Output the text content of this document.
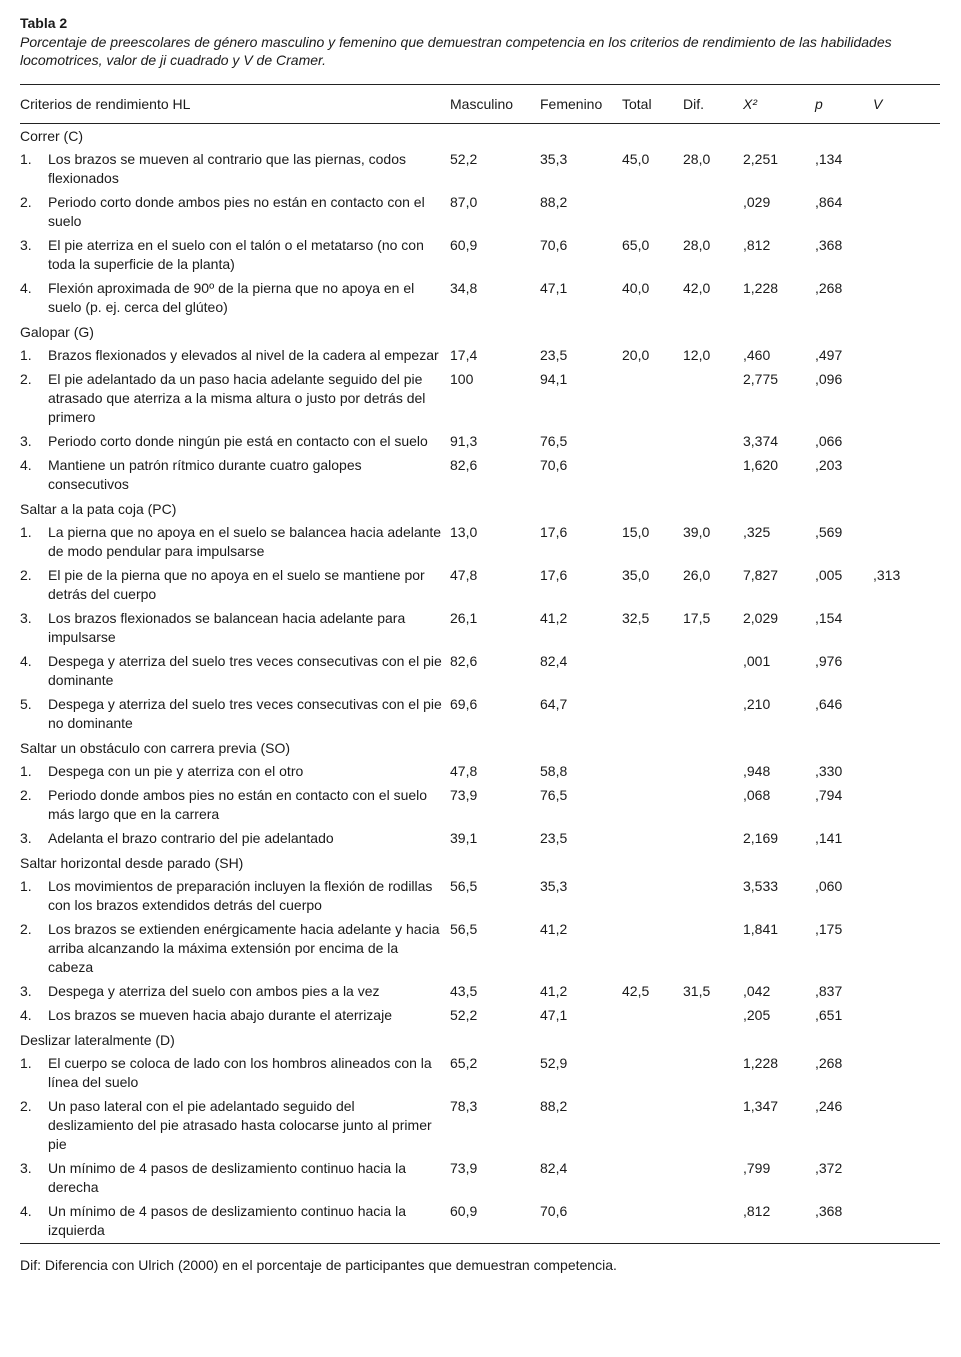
Tabla 2
Porcentaje de preescolares de género masculino y femenino que demuestran competencia en los criterios de rendimiento de las habilidades locomotrices, valor de ji cuadrado y V de Cramer.
Criterios de rendimiento HL	Masculino	Femenino	Total	Dif.	X²	p	V
Correr (C)							

1. Los brazos se mueven al contrario que las piernas, codos flexionados	52,2	35,3	45,0	28,0	2,251	,134	

2. Periodo corto donde ambos pies no están en contacto con el suelo	87,0	88,2			,029	,864	

3. El pie aterriza en el suelo con el talón o el metatarso (no con toda la superficie de la planta)	60,9	70,6	65,0	28,0	,812	,368	

4. Flexión aproximada de 90º de la pierna que no apoya en el suelo (p. ej. cerca del glúteo)	34,8	47,1	40,0	42,0	1,228	,268	
Galopar (G)							

1. Brazos flexionados y elevados al nivel de la cadera al empezar	17,4	23,5	20,0	12,0	,460	,497	

2. El pie adelantado da un paso hacia adelante seguido del pie atrasado que aterriza a la misma altura o justo por detrás del primero	100	94,1			2,775	,096	

3. Periodo corto donde ningún pie está en contacto con el suelo	91,3	76,5			3,374	,066	

4. Mantiene un patrón rítmico durante cuatro galopes consecutivos	82,6	70,6			1,620	,203	
Saltar a la pata coja (PC)							

1. La pierna que no apoya en el suelo se balancea hacia adelante de modo pendular para impulsarse	13,0	17,6	15,0	39,0	,325	,569	

2. El pie de la pierna que no apoya en el suelo se mantiene por detrás del cuerpo	47,8	17,6	35,0	26,0	7,827	,005	,313

3. Los brazos flexionados se balancean hacia adelante para impulsarse	26,1	41,2	32,5	17,5	2,029	,154	

4. Despega y aterriza del suelo tres veces consecutivas con el pie dominante	82,6	82,4			,001	,976	

5. Despega y aterriza del suelo tres veces consecutivas con el pie no dominante	69,6	64,7			,210	,646	
Saltar un obstáculo con carrera previa (SO)							

1. Despega con un pie y aterriza con el otro	47,8	58,8			,948	,330	

2. Periodo donde ambos pies no están en contacto con el suelo más largo que en la carrera	73,9	76,5			,068	,794	

3. Adelanta el brazo contrario del pie adelantado	39,1	23,5			2,169	,141	
Saltar horizontal desde parado (SH)							

1. Los movimientos de preparación incluyen la flexión de rodillas con los brazos extendidos detrás del cuerpo	56,5	35,3			3,533	,060	

2. Los brazos se extienden enérgicamente hacia adelante y hacia arriba alcanzando la máxima extensión por encima de la cabeza	56,5	41,2			1,841	,175	

3. Despega y aterriza del suelo con ambos pies a la vez	43,5	41,2	42,5	31,5	,042	,837	

4. Los brazos se mueven hacia abajo durante el aterrizaje	52,2	47,1			,205	,651	
Deslizar lateralmente (D)							

1. El cuerpo se coloca de lado con los hombros alineados con la línea del suelo	65,2	52,9			1,228	,268	

2. Un paso lateral con el pie adelantado seguido del deslizamiento del pie atrasado hasta colocarse junto al primer pie	78,3	88,2			1,347	,246	

3. Un mínimo de 4 pasos de deslizamiento continuo hacia la derecha	73,9	82,4			,799	,372	

4. Un mínimo de 4 pasos de deslizamiento continuo hacia la izquierda	60,9	70,6			,812	,368	
Dif: Diferencia con Ulrich (2000) en el porcentaje de participantes que demuestran competencia.
